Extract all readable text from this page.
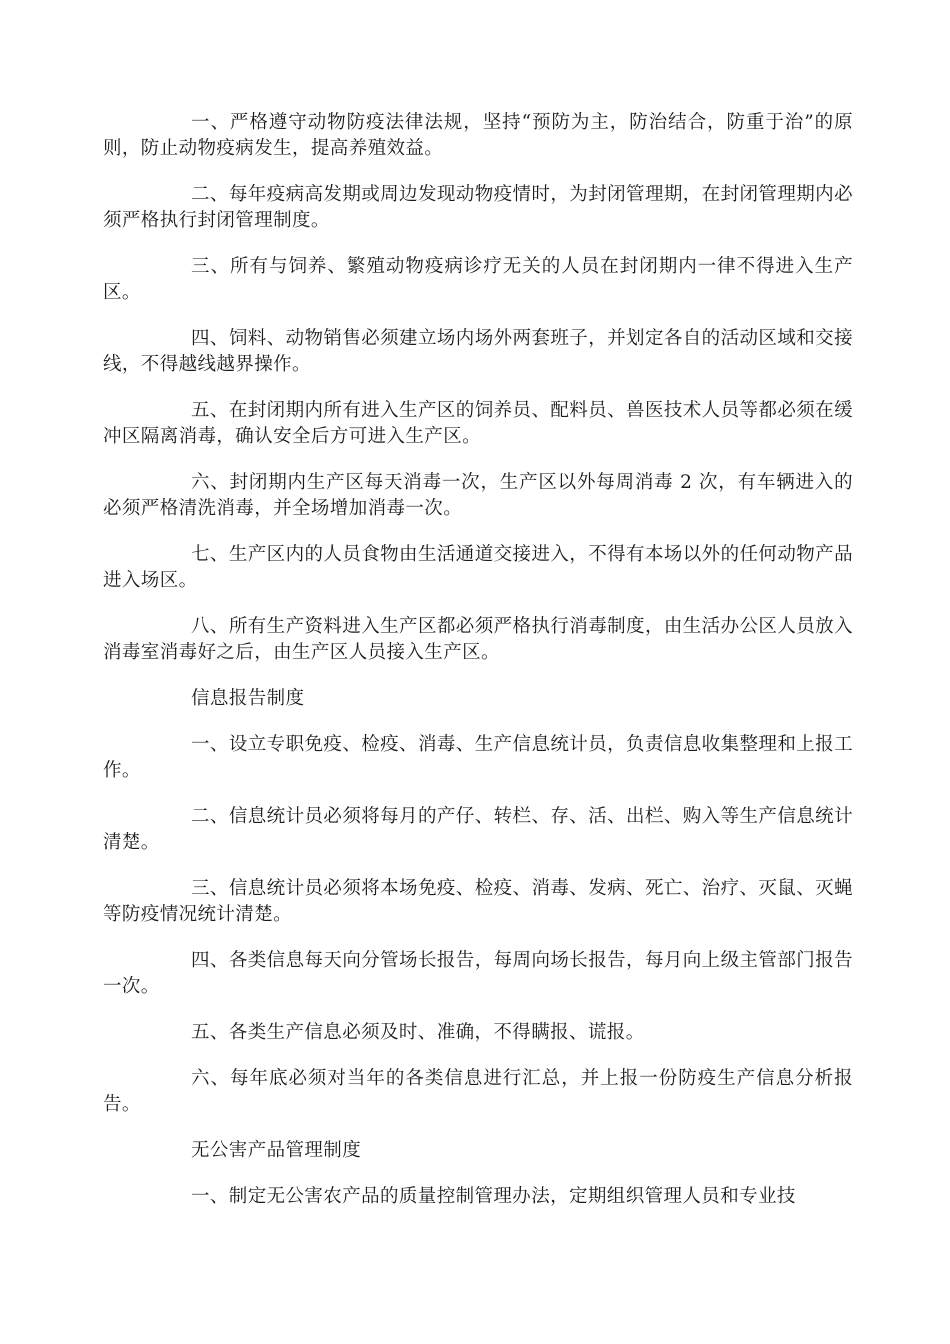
一、严格遵守动物防疫法律法规，坚持“预防为主，防治结合，防重于治”的原则，防止动物疫病发生，提高养殖效益。

二、每年疫病高发期或周边发现动物疫情时，为封闭管理期，在封闭管理期内必须严格执行封闭管理制度。

三、所有与饲养、繁殖动物疫病诊疗无关的人员在封闭期内一律不得进入生产区。

四、饲料、动物销售必须建立场内场外两套班子，并划定各自的活动区域和交接线，不得越线越界操作。

五、在封闭期内所有进入生产区的饲养员、配料员、兽医技术人员等都必须在缓冲区隔离消毒，确认安全后方可进入生产区。

六、封闭期内生产区每天消毒一次，生产区以外每周消毒 2 次，有车辆进入的必须严格清洗消毒，并全场增加消毒一次。

七、生产区内的人员食物由生活通道交接进入，不得有本场以外的任何动物产品进入场区。

八、所有生产资料进入生产区都必须严格执行消毒制度，由生活办公区人员放入消毒室消毒好之后，由生产区人员接入生产区。

信息报告制度

一、设立专职免疫、检疫、消毒、生产信息统计员，负责信息收集整理和上报工作。

二、信息统计员必须将每月的产仔、转栏、存、活、出栏、购入等生产信息统计清楚。

三、信息统计员必须将本场免疫、检疫、消毒、发病、死亡、治疗、灭鼠、灭蝇等防疫情况统计清楚。

四、各类信息每天向分管场长报告，每周向场长报告，每月向上级主管部门报告一次。

五、各类生产信息必须及时、准确，不得瞒报、谎报。

六、每年底必须对当年的各类信息进行汇总，并上报一份防疫生产信息分析报告。

无公害产品管理制度

一、制定无公害农产品的质量控制管理办法，定期组织管理人员和专业技
